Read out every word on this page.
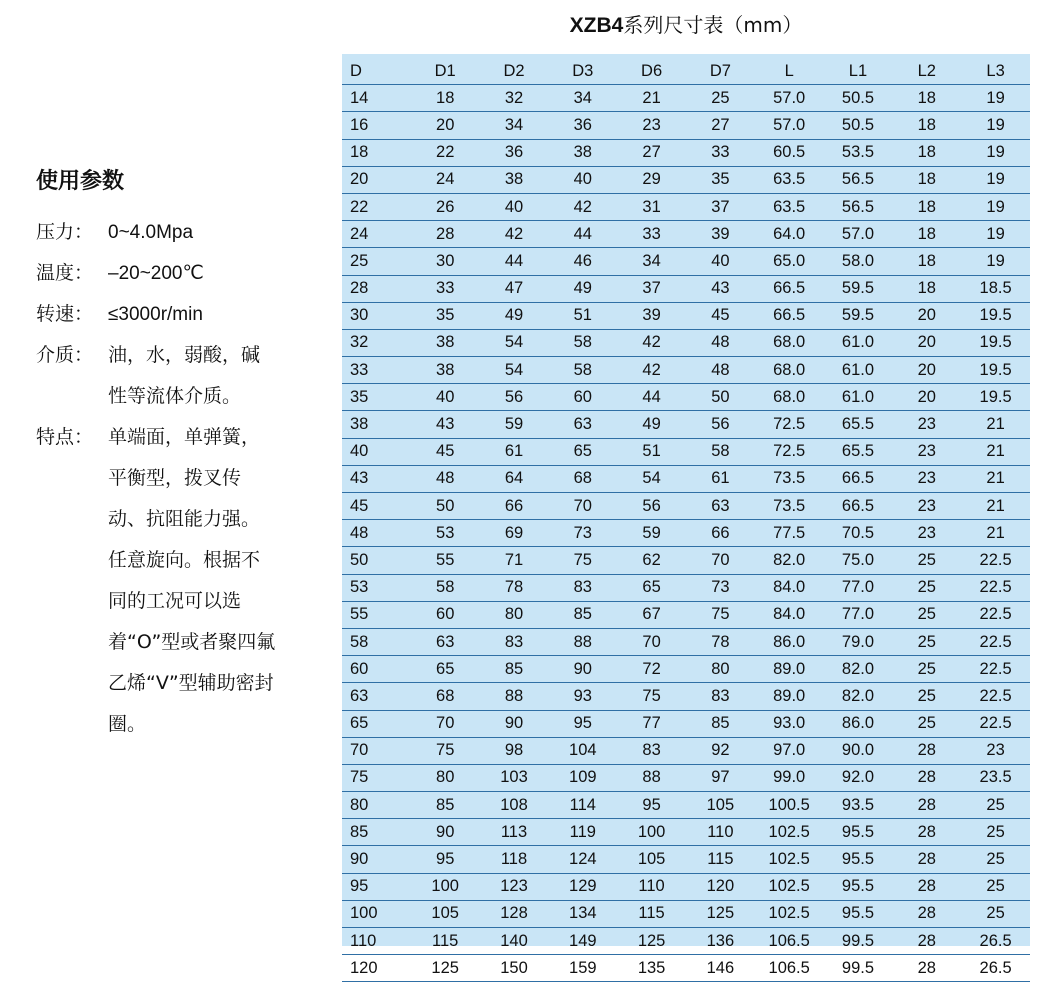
XZB4系列尺寸表（mm）
使用参数
压力： 0~4.0Mpa
温度： –20~200℃
转速： ≤3000r/min
介质： 油，水，弱酸，碱性等流体介质。
特点： 单端面，单弹簧，平衡型，拨叉传动、抗阻能力强。任意旋向。根据不同的工况可以选着“O”型或者聚四氟乙烯“V”型辅助密封圈。
D	D1	D2	D3	D6	D7	L	L1	L2	L3
14	18	32	34	21	25	57.0	50.5	18	19
16	20	34	36	23	27	57.0	50.5	18	19
18	22	36	38	27	33	60.5	53.5	18	19
20	24	38	40	29	35	63.5	56.5	18	19
22	26	40	42	31	37	63.5	56.5	18	19
24	28	42	44	33	39	64.0	57.0	18	19
25	30	44	46	34	40	65.0	58.0	18	19
28	33	47	49	37	43	66.5	59.5	18	18.5
30	35	49	51	39	45	66.5	59.5	20	19.5
32	38	54	58	42	48	68.0	61.0	20	19.5
33	38	54	58	42	48	68.0	61.0	20	19.5
35	40	56	60	44	50	68.0	61.0	20	19.5
38	43	59	63	49	56	72.5	65.5	23	21
40	45	61	65	51	58	72.5	65.5	23	21
43	48	64	68	54	61	73.5	66.5	23	21
45	50	66	70	56	63	73.5	66.5	23	21
48	53	69	73	59	66	77.5	70.5	23	21
50	55	71	75	62	70	82.0	75.0	25	22.5
53	58	78	83	65	73	84.0	77.0	25	22.5
55	60	80	85	67	75	84.0	77.0	25	22.5
58	63	83	88	70	78	86.0	79.0	25	22.5
60	65	85	90	72	80	89.0	82.0	25	22.5
63	68	88	93	75	83	89.0	82.0	25	22.5
65	70	90	95	77	85	93.0	86.0	25	22.5
70	75	98	104	83	92	97.0	90.0	28	23
75	80	103	109	88	97	99.0	92.0	28	23.5
80	85	108	114	95	105	100.5	93.5	28	25
85	90	113	119	100	110	102.5	95.5	28	25
90	95	118	124	105	115	102.5	95.5	28	25
95	100	123	129	110	120	102.5	95.5	28	25
100	105	128	134	115	125	102.5	95.5	28	25
110	115	140	149	125	136	106.5	99.5	28	26.5
120	125	150	159	135	146	106.5	99.5	28	26.5
